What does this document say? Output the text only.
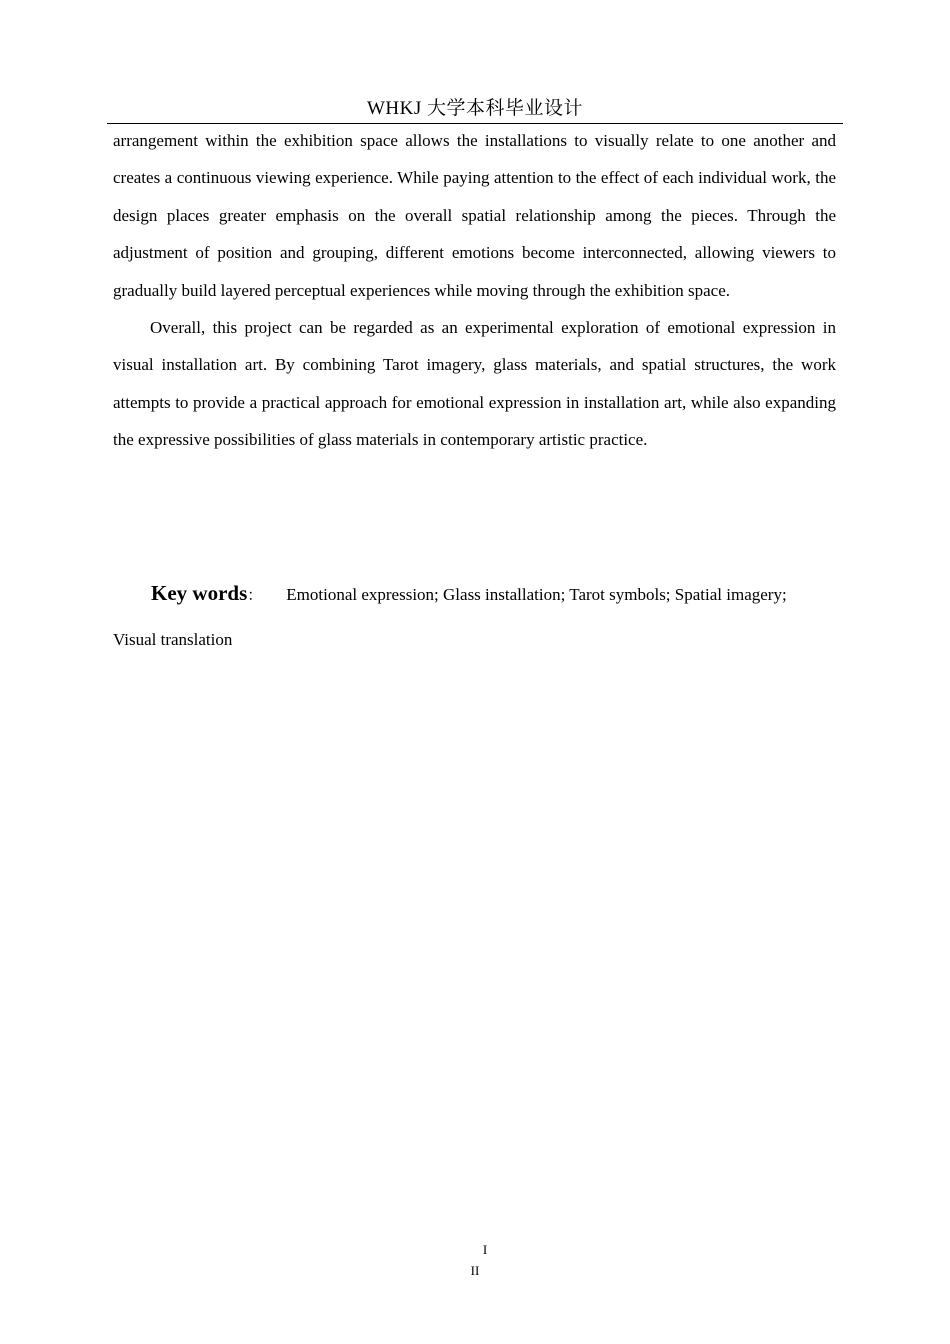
WHKJ 大学本科毕业设计

arrangement within the exhibition space allows the installations to visually relate to one another and creates a continuous viewing experience. While paying attention to the effect of each individual work, the design places greater emphasis on the overall spatial relationship among the pieces. Through the adjustment of position and grouping, different emotions become interconnected, allowing viewers to gradually build layered perceptual experiences while moving through the exhibition space.

Overall, this project can be regarded as an experimental exploration of emotional expression in visual installation art. By combining Tarot imagery, glass materials, and spatial structures, the work attempts to provide a practical approach for emotional expression in installation art, while also expanding the expressive possibilities of glass materials in contemporary artistic practice.

Key words： Emotional expression; Glass installation; Tarot symbols; Spatial imagery; Visual translation
I
II
